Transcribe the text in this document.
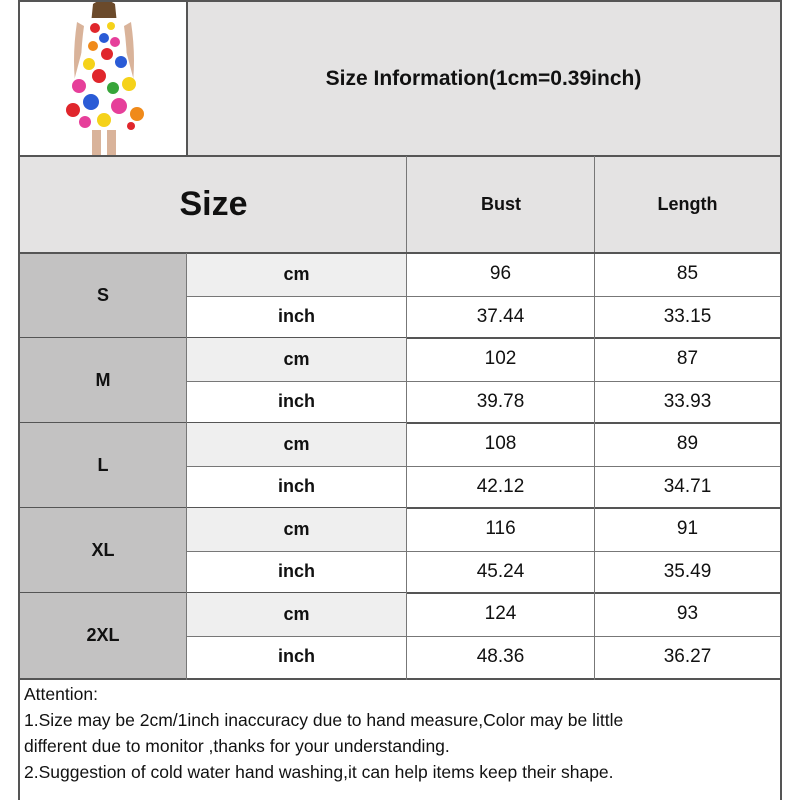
Size Information(1cm=0.39inch)
Size	Bust	Length
S
cm
inch
96
37.44
85
33.15
M
cm
inch
102
39.78
87
33.93
L
cm
inch
108
42.12
89
34.71
XL
cm
inch
116
45.24
91
35.49
2XL
cm
inch
124
48.36
93
36.27
Attention:
1.Size may be 2cm/1inch inaccuracy due to hand measure,Color may be little
different due to monitor ,thanks for your understanding.
2.Suggestion of cold water hand washing,it can help items keep their shape.
